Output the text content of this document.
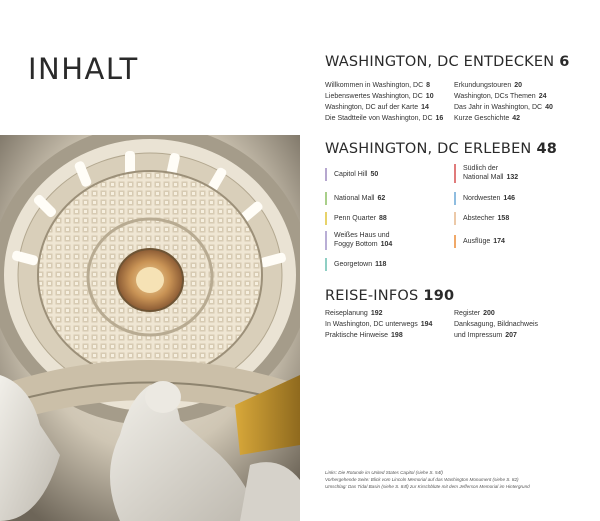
INHALT	WASHINGTON, DC ENTDECKEN 6
Willkommen in Washington, DC 8
Liebenswertes Washington, DC 10
Washington, DC auf der Karte 14
Die Stadtteile von Washington, DC 16
Erkundungstouren 20
Washington, DCs Themen 24
Das Jahr in Washington, DC 40
Kurze Geschichte 42
WASHINGTON, DC ERLEBEN 48
Capitol Hill 50
National Mall 62
Penn Quarter 88
Weißes Haus und
Foggy Bottom 104
Georgetown 118
Südlich der
National Mall 132
Nordwesten 146
Abstecher 158
Ausflüge 174
REISE-INFOS 190
Reiseplanung 192
In Washington, DC unterwegs 194
Praktische Hinweise 198
Register 200
Danksagung, Bildnachweis
und Impressum 207
Links: Die Rotunde im United States Capitol (siehe S. 54f)
Vorhergehende Seite: Blick vom Lincoln Memorial auf das Washington Monument (siehe S. 82)
Umschlag: Das Tidal Basin (siehe S. 84f) zur Kirschblüte mit dem Jefferson Memorial im Hintergrund
